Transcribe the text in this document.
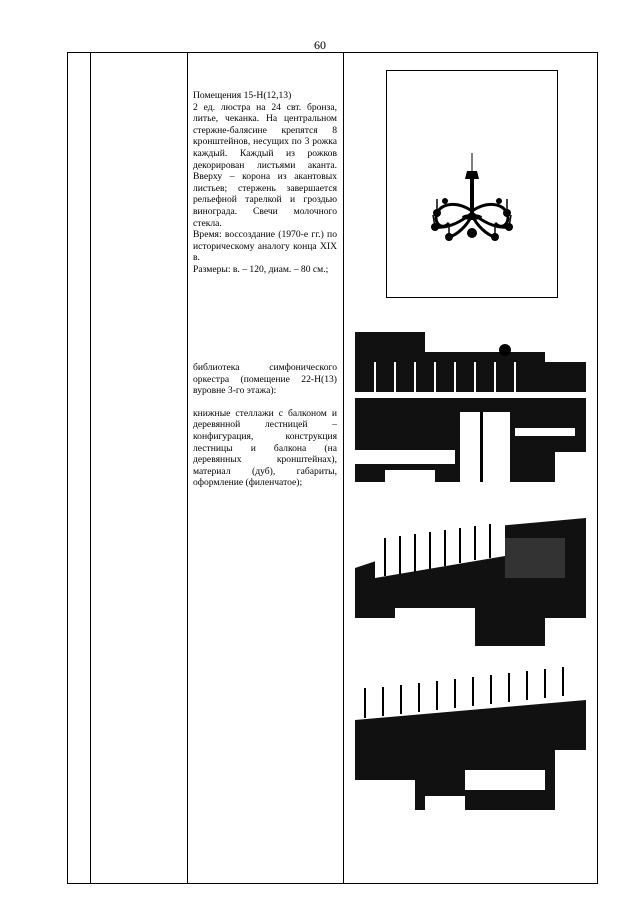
60

Помещения 15-Н(12,13)

2 ед. люстра на 24 свт. бронза, литье, чеканка. На центральном стержне-балясине крепятся 8 кронштейнов, несущих по 3 рожка каждый. Каждый из рожков декорирован листьями аканта. Вверху – корона из акантовых листьев; стержень завершается рельефной тарелкой и гроздью винограда. Свечи молочного стекла.

Время: воссоздание (1970-е гг.) по историческому аналогу конца XIX в.

Размеры: в. – 120, диам. – 80 см.;

библиотека симфонического оркестра (помещение 22-Н(13) вуровне 3-го этажа):

книжные стеллажи с балконом и деревянной лестницей – конфигурация, конструкция лестницы и балкона (на деревянных кронштейнах), материал (дуб), габариты, оформление (филенчатое);
